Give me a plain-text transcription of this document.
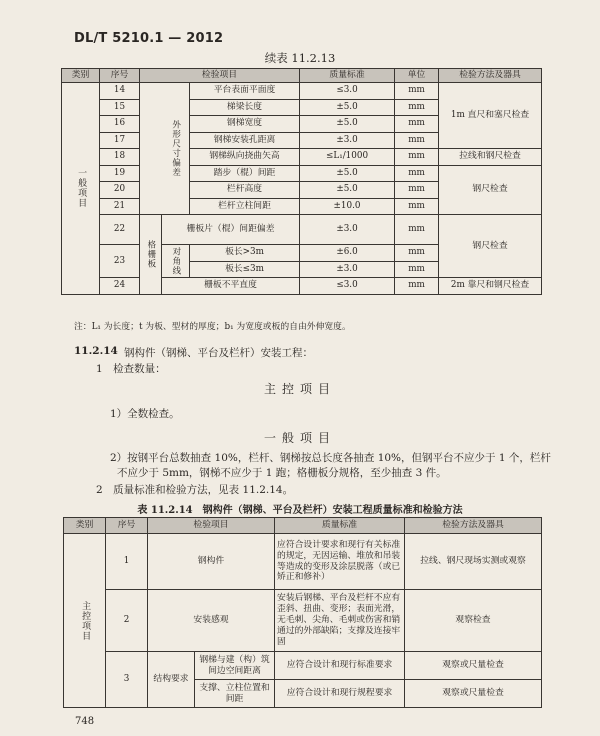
DL/T 5210.1 — 2012
续表 11.2.13
类别	序号	检验项目			质量标准	单位	检验方法及器具

一般项目	14		外形尺寸偏差	平台表面平面度	≤3.0	mm	1m 直尺和塞尺检查
	15			梯梁长度	±5.0	mm	
	16			钢梯宽度	±5.0	mm	
	17			钢梯安装孔距离	±3.0	mm	
	18			钢梯纵向挠曲矢高	≤L₁/1000	mm	拉线和钢尺检查
	19			踏步（棍）间距	±5.0	mm	钢尺检查
	20			栏杆高度	±5.0	mm	
	21			栏杆立柱间距	±10.0	mm	
	22	格栅板	栅板片（棍）间距偏差		±3.0	mm	钢尺检查
	23		对角线	板长>3m	±6.0	mm	
				板长≤3m	±3.0	mm	
	24		栅板不平直度		≤3.0	mm	2m 靠尺和钢尺检查
注：L₁ 为长度；t 为板、型材的厚度；b₁ 为宽度或板的自由外伸宽度。
11.2.14 钢构件（钢梯、平台及栏杆）安装工程：
1　检查数量：
主控项目
1）全数检查。
一般项目
2）按钢平台总数抽查 10%，栏杆、钢梯按总长度各抽查 10%，但钢平台不应少于 1 个，栏杆
不应少于 5mm，钢梯不应少于 1 跑；格栅板分规格，至少抽查 3 件。
2　质量标准和检验方法，见表 11.2.14。
表 11.2.14　钢构件（钢梯、平台及栏杆）安装工程质量标准和检验方法
类别	序号	检验项目		质量标准	检验方法及器具

主控项目	1	钢构件		应符合设计要求和现行有关标准的规定，无因运输、堆放和吊装等造成的变形及涂层脱落（或已矫正和修补）	拉线、钢尺现场实测或观察
	2	安装感观		安装后钢梯、平台及栏杆不应有歪斜、扭曲、变形；表面光滑，无毛刺、尖角、毛刺或伤害和销通过的外部缺陷；支撑及连接牢固	观察检查
	3	结构要求	钢梯与建（构）筑间边空间距离	应符合设计和现行标准要求	观察或尺量检查
			支撑、立柱位置和间距	应符合设计和现行规程要求	观察或尺量检查
748
